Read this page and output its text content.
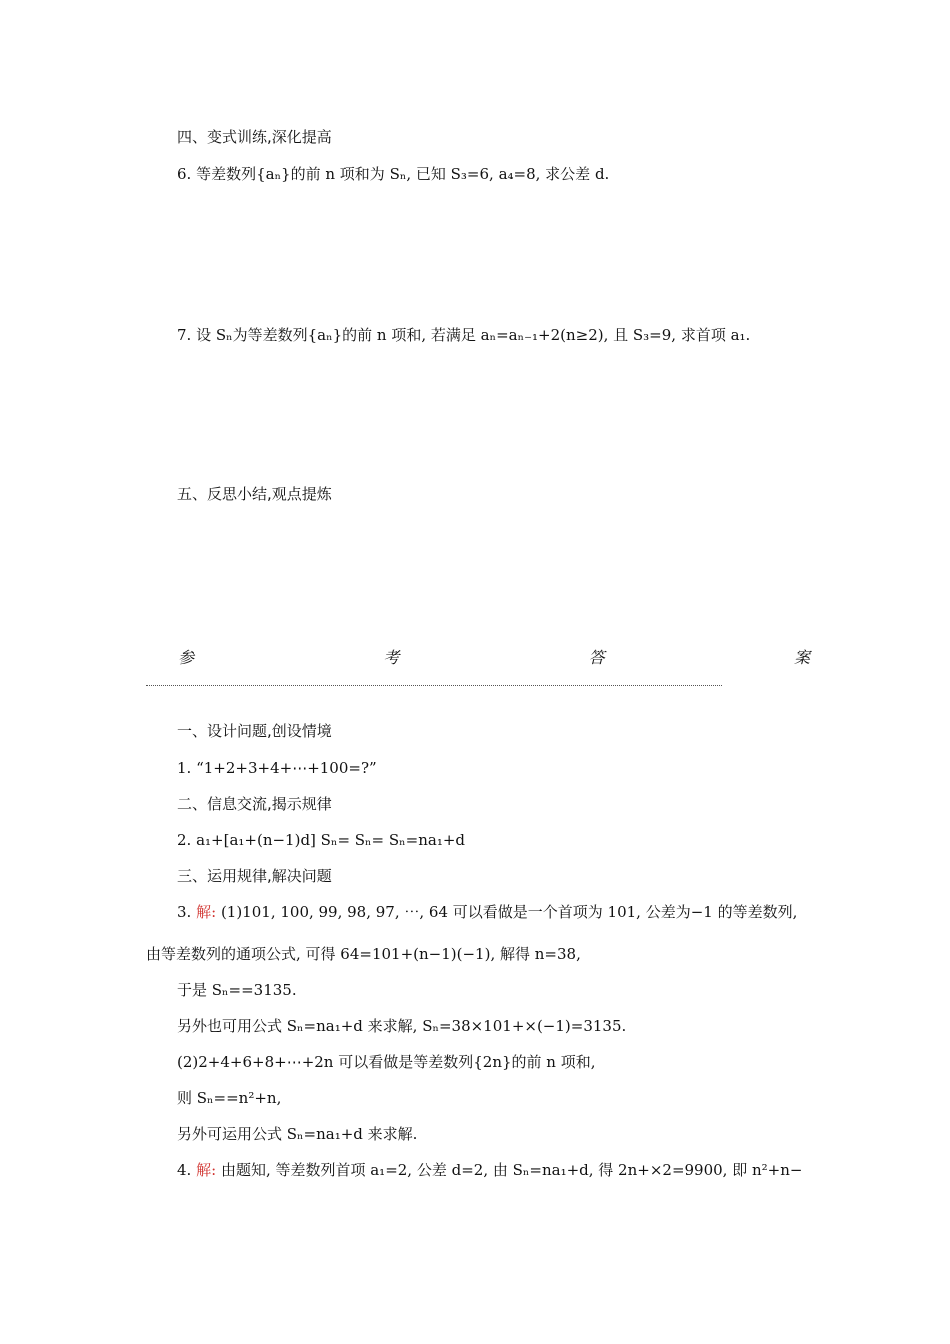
四、变式训练,深化提高
6. 等差数列{aₙ}的前 n 项和为 Sₙ, 已知 S₃=6, a₄=8, 求公差 d.
7. 设 Sₙ为等差数列{aₙ}的前 n 项和, 若满足 aₙ=aₙ₋₁+2(n≥2), 且 S₃=9, 求首项 a₁.
五、反思小结,观点提炼
参	考	答	案
一、设计问题,创设情境
1. “1+2+3+4+⋯+100=?”
二、信息交流,揭示规律
2. a₁+[a₁+(n−1)d] Sₙ= Sₙ= Sₙ=na₁+d
三、运用规律,解决问题
3. 解: (1)101, 100, 99, 98, 97, ⋯, 64 可以看做是一个首项为 101, 公差为−1 的等差数列,
由等差数列的通项公式, 可得 64=101+(n−1)(−1), 解得 n=38,
于是 Sₙ==3135.
另外也可用公式 Sₙ=na₁+d 来求解, Sₙ=38×101+×(−1)=3135.
(2)2+4+6+8+⋯+2n 可以看做是等差数列{2n}的前 n 项和,
则 Sₙ==n²+n,
另外可运用公式 Sₙ=na₁+d 来求解.
4. 解: 由题知, 等差数列首项 a₁=2, 公差 d=2, 由 Sₙ=na₁+d, 得 2n+×2=9900, 即 n²+n−
